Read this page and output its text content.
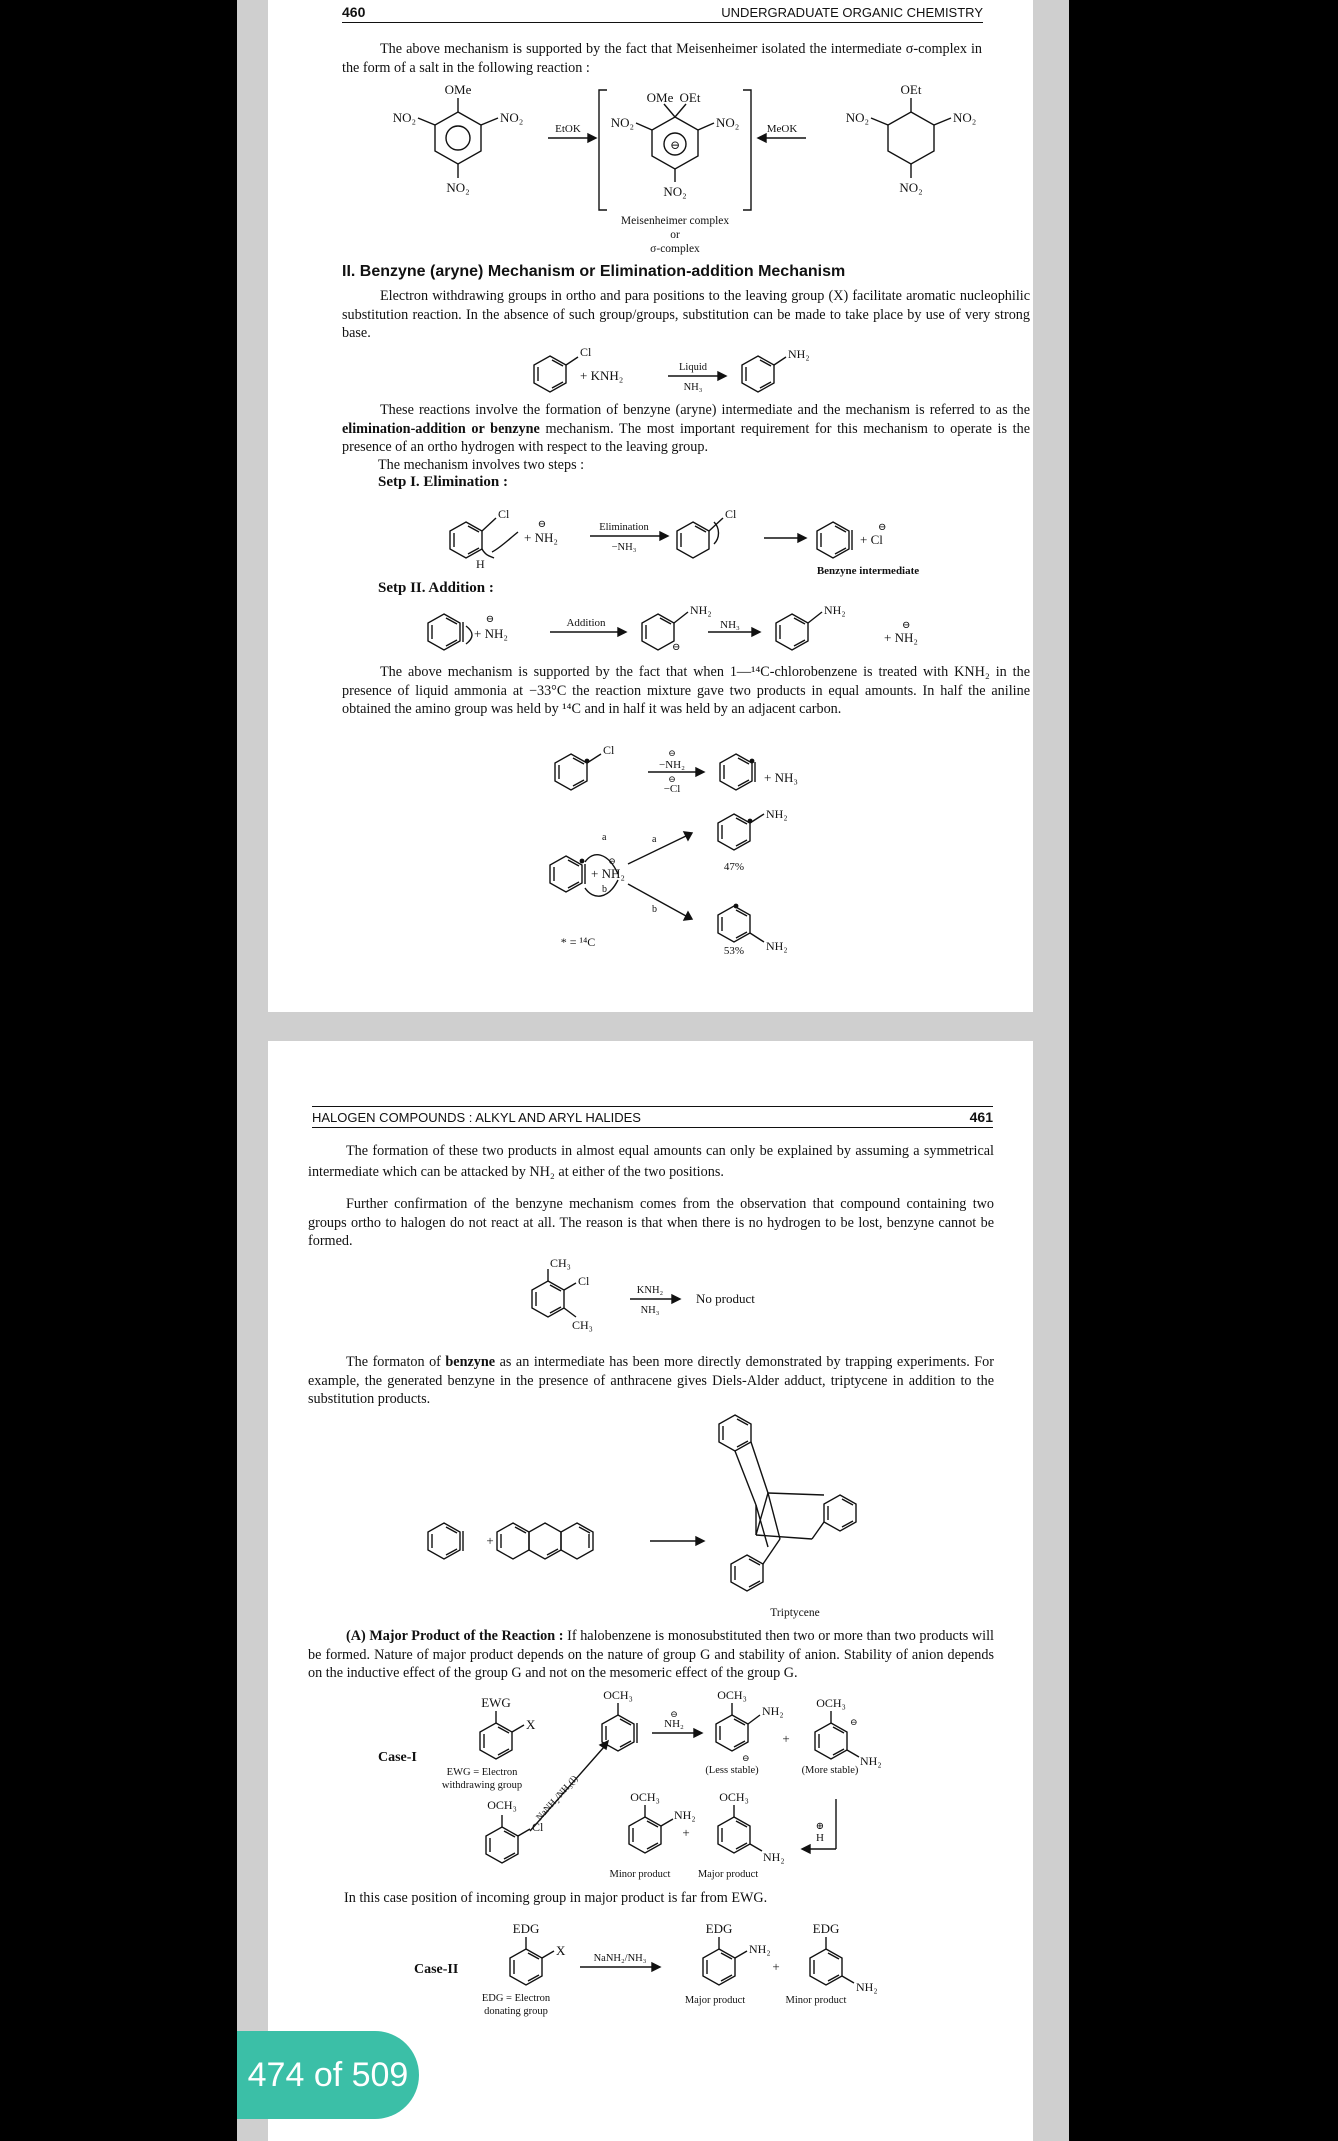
460	UNDERGRADUATE ORGANIC CHEMISTRY
The above mechanism is supported by the fact that Meisenheimer isolated the intermediate σ-complex in the form of a salt in the following reaction :
OMe
NO₂	NO₂
NO₂
EtOK
OMe OEt
NO₂	NO₂
⊖
NO₂
MeOK
OEt
NO₂	NO₂
NO₂
Meisenheimer complex
or
σ-complex
II. Benzyne (aryne) Mechanism or Elimination-addition Mechanism
Electron withdrawing groups in ortho and para positions to the leaving group (X) facilitate aromatic nucleophilic substitution reaction. In the absence of such group/groups, substitution can be made to take place by use of very strong base.
Cl
+ KNH₂
Liquid
NH₃
NH₂
These reactions involve the formation of benzyne (aryne) intermediate and the mechanism is referred to as the elimination-addition or benzyne mechanism. The most important requirement for this mechanism to operate is the presence of an ortho hydrogen with respect to the leaving group.
The mechanism involves two steps :
Setp I. Elimination :
Cl
H
⊖
+ NH₂
Elimination
−NH₃
Cl
+ Cl
⊖
Benzyne intermediate
Setp II. Addition :
⊖
+ NH₂
Addition
NH₂
⊖
NH₃
NH₂
+ NH₂
⊖
The above mechanism is supported by the fact that when 1—¹⁴C-chlorobenzene is treated with KNH₂ in the presence of liquid ammonia at −33°C the reaction mixture gave two products in equal amounts. In half the aniline obtained the amino group was held by ¹⁴C and in half it was held by an adjacent carbon.
Cl	⊖
−NH₂
⊖
−Cl
+ NH₃
a
b
⊖
+ NH₂
a
b
NH₂
47%
NH₂
53%
* = ¹⁴C
HALOGEN COMPOUNDS : ALKYL AND ARYL HALIDES	461
The formation of these two products in almost equal amounts can only be explained by assuming a symmetrical intermediate which can be attacked by NH₂ at either of the two positions.
Further confirmation of the benzyne mechanism comes from the observation that compound containing two groups ortho to halogen do not react at all. The reason is that when there is no hydrogen to be lost, benzyne cannot be formed.
CH₃
Cl
CH₃
KNH₂
NH₃
No product
The formaton of benzyne as an intermediate has been more directly demonstrated by trapping experiments. For example, the generated benzyne in the presence of anthracene gives Diels-Alder adduct, triptycene in addition to the substitution products.
+
Triptycene
(A) Major Product of the Reaction : If halobenzene is monosubstituted then two or more than two products will be formed. Nature of major product depends on the nature of group G and stability of anion. Stability of anion depends on the inductive effect of the group G and not on the mesomeric effect of the group G.
Case-I
EWG
X
EWG = Electron
withdrawing group
OCH₃
Cl
NaNH₂/NH₃(l)
OCH₃
⊖
NH₂
OCH₃
NH₂
⊖
(Less stable)
+
OCH₃
⊖
NH₂
(More stable)
OCH₃
NH₂
+
OCH₃
NH₂
⊕
H
Minor product	Major product
In this case position of incoming group in major product is far from EWG.
Case-II
EDG
X
EDG = Electron
donating group
NaNH₂/NH₃
EDG
NH₂
+
EDG
NH₂
Major product	Minor product
474 of 509
